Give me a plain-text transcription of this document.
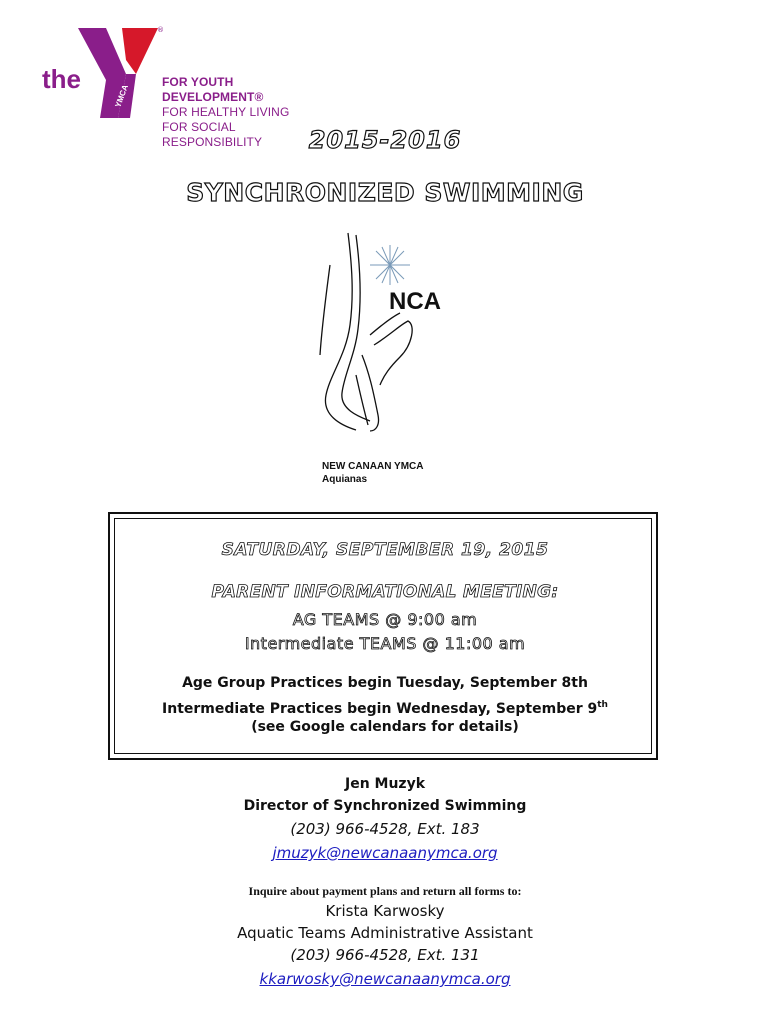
the
YMCA
®
FOR YOUTH DEVELOPMENT®
FOR HEALTHY LIVING
FOR SOCIAL RESPONSIBILITY	2015-2016
SYNCHRONIZED SWIMMING
NCA
NEW CANAAN YMCA
Aquianas
SATURDAY, SEPTEMBER 19, 2015
PARENT INFORMATIONAL MEETING:
AG TEAMS @ 9:00 am
Intermediate TEAMS @ 11:00 am
Age Group Practices begin Tuesday, September 8th
Intermediate Practices begin Wednesday, September 9th
(see Google calendars for details)
Jen Muzyk
Director of Synchronized Swimming
(203) 966-4528, Ext. 183
jmuzyk@newcanaanymca.org
Inquire about payment plans and return all forms to:
Krista Karwosky
Aquatic Teams Administrative Assistant
(203) 966-4528, Ext. 131
kkarwosky@newcanaanymca.org
